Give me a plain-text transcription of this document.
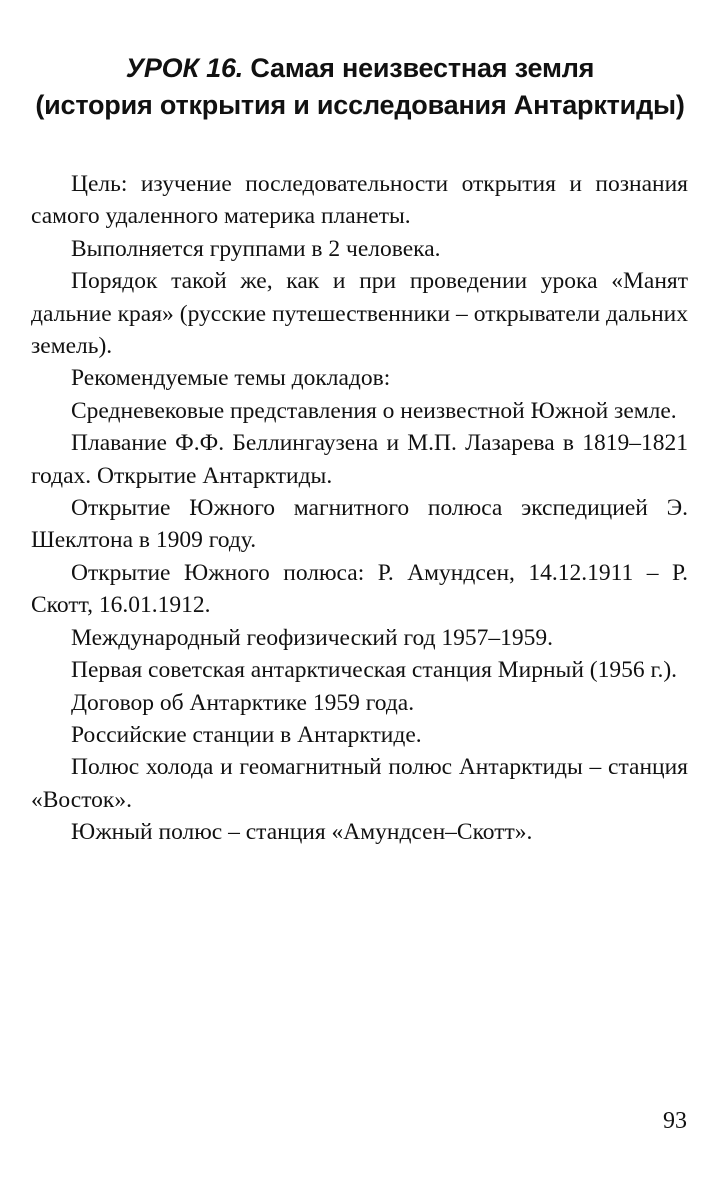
УРОК 16. Самая неизвестная земля
(история открытия и исследования Антарктиды)

Цель: изучение последовательности открытия и познания самого удаленного материка планеты.

Выполняется группами в 2 человека.

Порядок такой же, как и при проведении урока «Манят дальние края» (русские путешественники – открыватели дальних земель).

Рекомендуемые темы докладов:

Средневековые представления о неизвестной Южной земле.

Плавание Ф.Ф. Беллингаузена и М.П. Лазарева в 1819–1821 годах. Открытие Антарктиды.

Открытие Южного магнитного полюса экспедицией Э. Шеклтона в 1909 году.

Открытие Южного полюса: Р. Амундсен, 14.12.1911 – Р. Скотт, 16.01.1912.

Международный геофизический год 1957–1959.

Первая советская антарктическая станция Мирный (1956 г.).

Договор об Антарктике 1959 года.

Российские станции в Антарктиде.

Полюс холода и геомагнитный полюс Антарктиды – станция «Восток».

Южный полюс – станция «Амундсен–Скотт».

93
